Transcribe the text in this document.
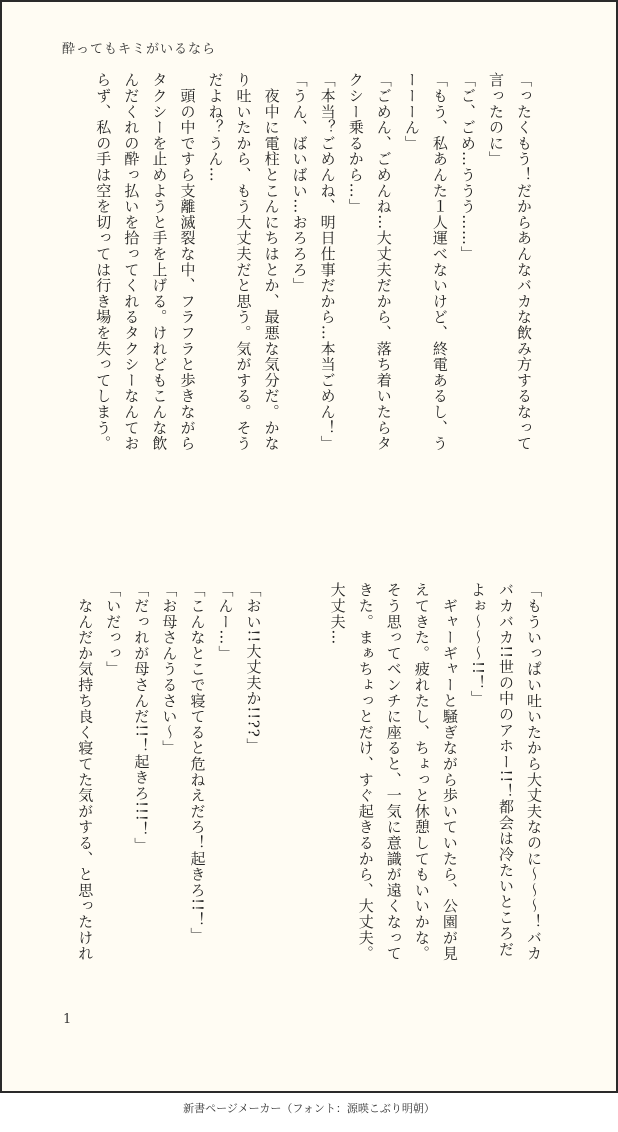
酔ってもキミがいるなら
「ったくもう！だからあんなバカな飲み方するなって
言ったのに」
「ご、ごめ…ううう……」
「もう、私あんた１人運べないけど、終電あるし、う
ーーーん」
「ごめん、ごめんね…大丈夫だから、落ち着いたらタ
クシー乗るから…」
「本当？ごめんね、明日仕事だから…本当ごめん！」
「うん、ばいばい…おろろろ」
　夜中に電柱とこんにちはとか、最悪な気分だ。かな
り吐いたから、もう大丈夫だと思う。気がする。そう
だよね？うん…
　頭の中ですら支離滅裂な中、フラフラと歩きながら
タクシーを止めようと手を上げる。けれどもこんな飲
んだくれの酔っ払いを拾ってくれるタクシーなんてお
らず、私の手は空を切っては行き場を失ってしまう。
「もういっぱい吐いたから大丈夫なのに〜〜〜！バカ
バカバカ!!世の中のアホー!!！都会は冷たいところだ
よぉ〜〜〜!!！」
　ギャーギャーと騒ぎながら歩いていたら、公園が見
えてきた。疲れたし、ちょっと休憩してもいいかな。
そう思ってベンチに座ると、一気に意識が遠くなって
きた。まぁちょっとだけ、すぐ起きるから、大丈夫。
大丈夫…

「おい!!大丈夫か!!??」
「んー…」
「こんなとこで寝てると危ねえだろ！起きろ!!！」
「お母さんうるさい〜」
「だっれが母さんだ!!！起きろ!!!！」
「いだっっ」
　なんだか気持ち良く寝てた気がする、と思ったけれ
1
新書ページメーカー（フォント：源暎こぶり明朝）
